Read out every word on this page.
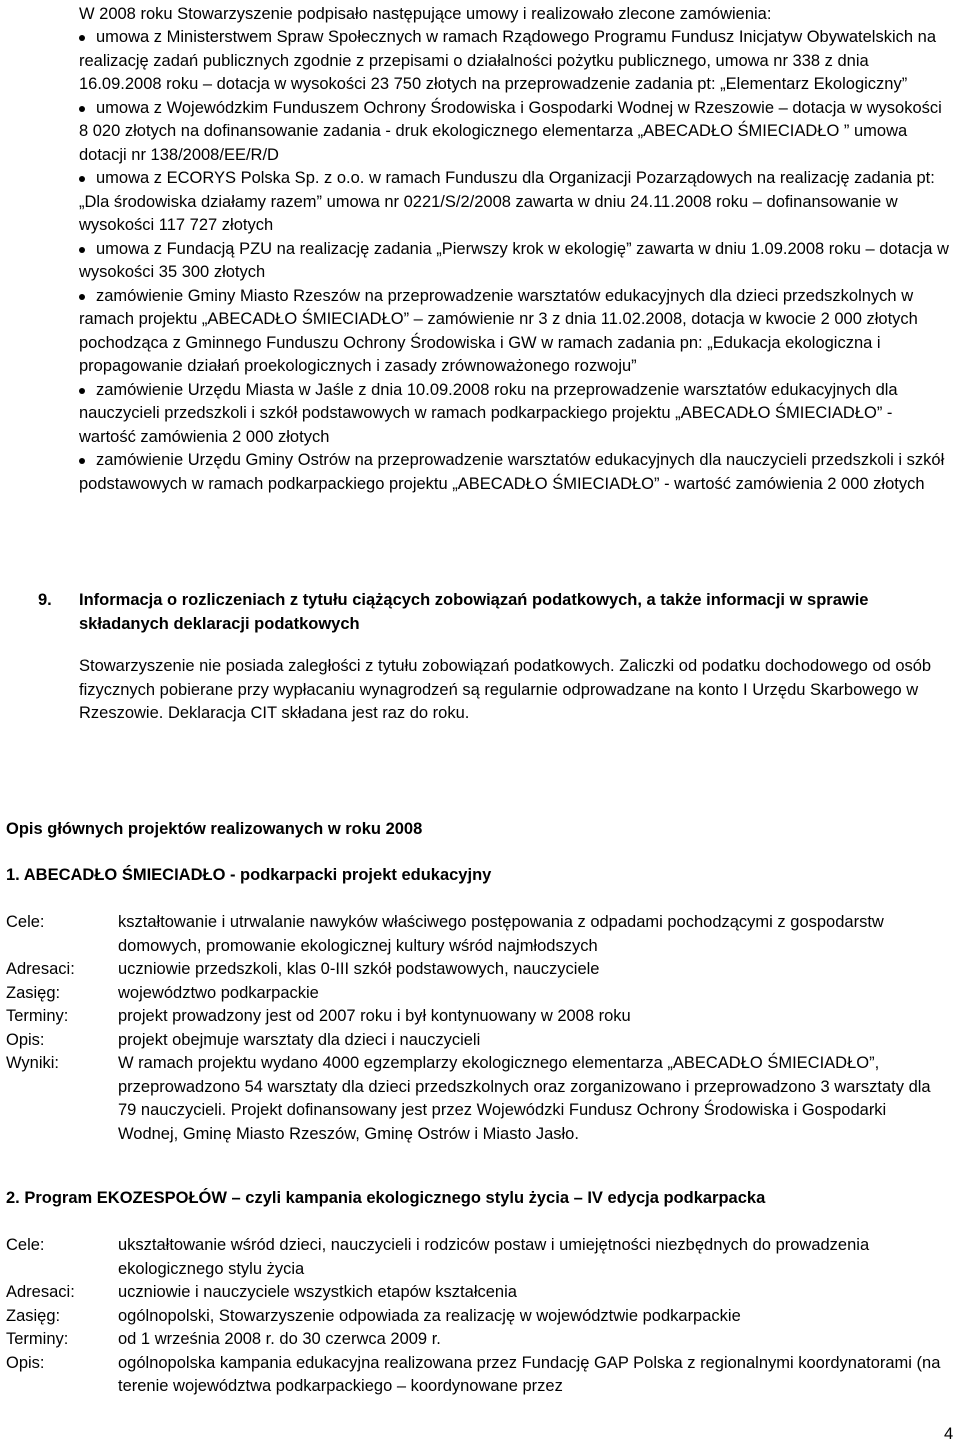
W 2008 roku Stowarzyszenie podpisało następujące umowy i realizowało zlecone zamówienia:

umowa z Ministerstwem Spraw Społecznych w ramach Rządowego Programu Fundusz Inicjatyw Obywatelskich na realizację zadań publicznych zgodnie z przepisami o działalności pożytku publicznego, umowa nr 338 z dnia 16.09.2008 roku – dotacja w wysokości 23 750 złotych na przeprowadzenie zadania pt: „Elementarz Ekologiczny”
umowa z Wojewódzkim Funduszem Ochrony Środowiska i Gospodarki Wodnej w Rzeszowie – dotacja w wysokości 8 020 złotych na dofinansowanie zadania - druk ekologicznego elementarza „ABECADŁO ŚMIECIADŁO ” umowa dotacji nr 138/2008/EE/R/D
umowa z ECORYS Polska Sp. z o.o. w ramach Funduszu dla Organizacji Pozarządowych na realizację zadania pt: „Dla środowiska działamy razem” umowa nr 0221/S/2/2008 zawarta w dniu 24.11.2008 roku – dofinansowanie w wysokości 117 727 złotych
umowa z Fundacją PZU na realizację zadania „Pierwszy krok w ekologię” zawarta w dniu 1.09.2008 roku – dotacja w wysokości 35 300 złotych
zamówienie Gminy Miasto Rzeszów na przeprowadzenie warsztatów edukacyjnych dla dzieci przedszkolnych w ramach projektu „ABECADŁO ŚMIECIADŁO” – zamówienie nr 3 z dnia 11.02.2008, dotacja w kwocie 2 000 złotych pochodząca z Gminnego Funduszu Ochrony Środowiska i GW w ramach zadania pn: „Edukacja ekologiczna i propagowanie działań proekologicznych i zasady zrównoważonego rozwoju”
zamówienie Urzędu Miasta w Jaśle z dnia 10.09.2008 roku na przeprowadzenie warsztatów edukacyjnych dla nauczycieli przedszkoli i szkół podstawowych w ramach podkarpackiego projektu „ABECADŁO ŚMIECIADŁO” - wartość zamówienia 2 000 złotych
zamówienie Urzędu Gminy Ostrów na przeprowadzenie warsztatów edukacyjnych dla nauczycieli przedszkoli i szkół podstawowych w ramach podkarpackiego projektu „ABECADŁO ŚMIECIADŁO” - wartość zamówienia 2 000 złotych
9. Informacja o rozliczeniach z tytułu ciążących zobowiązań podatkowych, a także informacji w sprawie składanych deklaracji podatkowych

Stowarzyszenie nie posiada zaległości z tytułu zobowiązań podatkowych. Zaliczki od podatku dochodowego od osób fizycznych pobierane przy wypłacaniu wynagrodzeń są regularnie odprowadzane na konto I Urzędu Skarbowego w Rzeszowie. Deklaracja CIT składana jest raz do roku.

Opis głównych projektów realizowanych w roku 2008

1. ABECADŁO ŚMIECIADŁO - podkarpacki projekt edukacyjny

Cele:	kształtowanie i utrwalanie nawyków właściwego postępowania z odpadami pochodzącymi z gospodarstw domowych, promowanie ekologicznej kultury wśród najmłodszych
Adresaci:	uczniowie przedszkoli, klas 0-III szkół podstawowych, nauczyciele
Zasięg:	województwo podkarpackie
Terminy:	projekt prowadzony jest od 2007 roku i był kontynuowany w 2008 roku
Opis:	projekt obejmuje warsztaty dla dzieci i nauczycieli
Wyniki:	W ramach projektu wydano 4000 egzemplarzy ekologicznego elementarza „ABECADŁO ŚMIECIADŁO”, przeprowadzono 54 warsztaty dla dzieci przedszkolnych oraz zorganizowano i przeprowadzono 3 warsztaty dla 79 nauczycieli. Projekt dofinansowany jest przez Wojewódzki Fundusz Ochrony Środowiska i Gospodarki Wodnej, Gminę Miasto Rzeszów, Gminę Ostrów i Miasto Jasło.

2. Program EKOZESPOŁÓW – czyli kampania ekologicznego stylu życia – IV edycja podkarpacka

Cele:	ukształtowanie wśród dzieci, nauczycieli i rodziców postaw i umiejętności niezbędnych do prowadzenia ekologicznego stylu życia
Adresaci:	uczniowie i nauczyciele wszystkich etapów kształcenia
Zasięg:	ogólnopolski, Stowarzyszenie odpowiada za realizację w województwie podkarpackie
Terminy:	od 1 września 2008 r. do 30 czerwca 2009 r.
Opis:	ogólnopolska kampania edukacyjna realizowana przez Fundację GAP Polska z regionalnymi koordynatorami (na terenie województwa podkarpackiego – koordynowane przez
4
